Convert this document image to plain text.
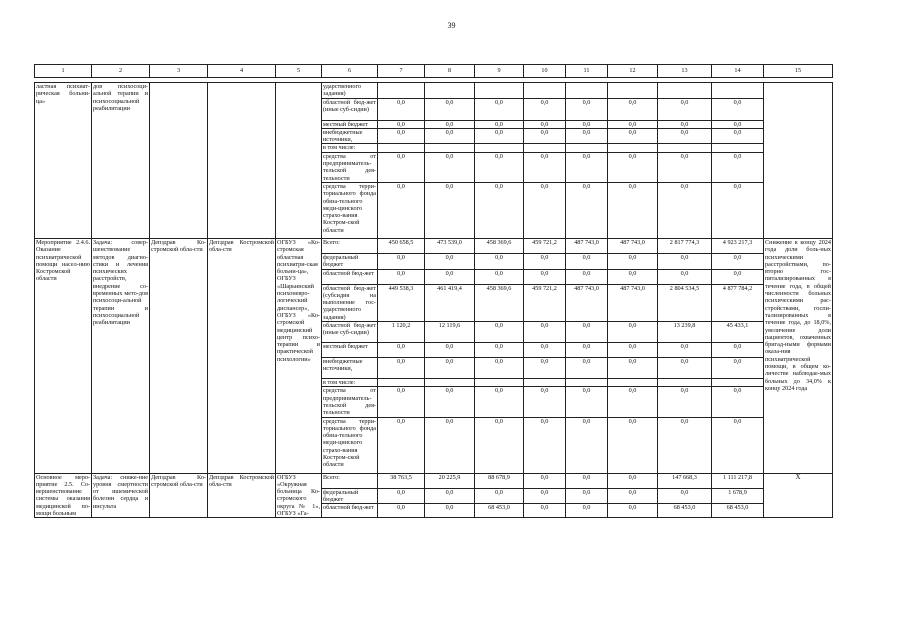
39
1	2	3	4	5	6	7	8	9	10	11	12	13	14	15

ластная психиат-рическая больни-ца»	дов психосоци-альной терапии и психосоциальной реабилитации				ударственного задания)									
					областной бюд-жет (иные суб-сидии)	0,0	0,0	0,0	0,0	0,0	0,0	0,0	0,0	
					местный бюджет	0,0	0,0	0,0	0,0	0,0	0,0	0,0	0,0	
					внебюджетные источники,	0,0	0,0	0,0	0,0	0,0	0,0	0,0	0,0	
					в том числе:									
					средства от предприниматель-тельской дея-тельности	0,0	0,0	0,0	0,0	0,0	0,0	0,0	0,0	
					средства терри-ториального фонда обяза-тельного меди-цинского страхо-вания Костром-ской области	0,0	0,0	0,0	0,0	0,0	0,0	0,0	0,0	
Мероприятие 2.4.6. Оказание психиатрической помощи насел-нию Костромской области	Задача: совер-шенствование методов диагно-стики и лечения психических расстройств, внедрение со-временных мето-дов психосоци-альной терапии и психосоциальной реабилитации	Депздрав Ко-стромской обла-сти	Депздрав Костромской обла-сти	ОГБУЗ «Ко-стромская областная психиатри-ская больни-ца», ОГБУЗ «Шарьинский психоневро-логический диспансер», ОГБУЗ «Ко-стромской медицинский центр психо-терапии и практической психологии»	Всего:	450 658,5	473 539,0	458 369,6	459 721,2	487 743,0	487 743,0	2 817 774,3	4 923 217,3	Снижение к концу 2024 года доли боль-ных психическими расстройствами, по-вторно гос-питализированных в течение года, в общей численности больных психическими рас-стройствами, госпи-тализированных в течение года, до 18,0%, увеличение доли пациентов, охваченных бригад-ными формами оказа-ния психиатрической помощи, в общем ко-личестве наблюдае-мых больных до 34,0% к концу 2024 года
					федеральный бюджет	0,0	0,0	0,0	0,0	0,0	0,0	0,0	0,0	
					областной бюд-жет	0,0	0,0	0,0	0,0	0,0	0,0	0,0	0,0	
					областной бюд-жет (субсидия на выполнение гос-ударственного задания)	449 538,3	461 419,4	458 369,6	459 721,2	487 743,0	487 743,0	2 804 534,5	4 877 784,2	
					областной бюд-жет (иные суб-сидии)	1 120,2	12 119,6	0,0	0,0	0,0	0,0	13 239,8	45 433,1	
					местный бюджет	0,0	0,0	0,0	0,0	0,0	0,0	0,0	0,0	
					внебюджетные источники,	0,0	0,0	0,0	0,0	0,0	0,0	0,0	0,0	
					в том числе:									
					средства от предприниматель-тельской дея-тельности	0,0	0,0	0,0	0,0	0,0	0,0	0,0	0,0	
					средства терри-ториального фонда обяза-тельного меди-цинского страхо-вания Костром-ской области	0,0	0,0	0,0	0,0	0,0	0,0	0,0	0,0	
Основное меро-приятие 2.5. Со-вершенствование системы оказания медицинской по-мощи больным	Задача: сниже-ние уровня смертности от ишемической болезни сердца и инсульта	Депздрав Ко-стромской обла-сти	Депздрав Костромской обла-сти	ОГБУЗ «Окружная больница Ко-стромского округа № 1», ОГБУЗ «Га-	Всего:	38 763,5	20 225,9	88 678,9	0,0	0,0	0,0	147 668,3	1 111 217,8	Х
					федеральный бюджет	0,0	0,0	0,0	0,0	0,0	0,0	0,0	1 678,9	
					областной бюд-жет	0,0	0,0	68 453,0	0,0	0,0	0,0	68 453,0	68 453,0	
